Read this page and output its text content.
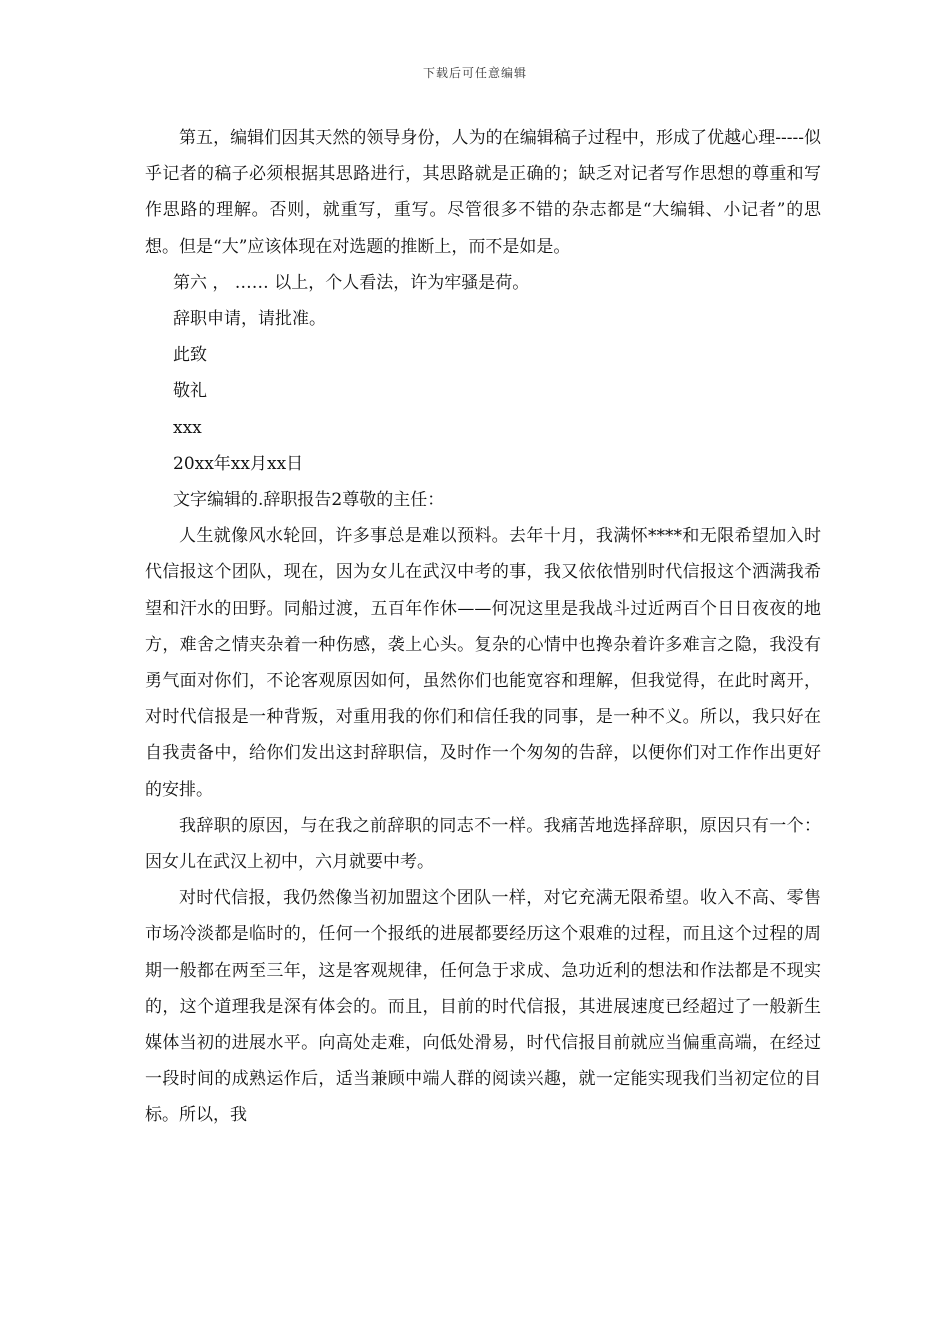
下载后可任意编辑

第五，编辑们因其天然的领导身份，人为的在编辑稿子过程中，形成了优越心理-----似乎记者的稿子必须根据其思路进行，其思路就是正确的；缺乏对记者写作思想的尊重和写作思路的理解。否则，就重写，重写。尽管很多不错的杂志都是“大编辑、小记者”的思想。但是“大”应该体现在对选题的推断上，而不是如是。

第六 ， …… 以上，个人看法，许为牢骚是荷。

辞职申请，请批准。

此致

敬礼

xxx

20xx年xx月xx日

文字编辑的.辞职报告2尊敬的主任：

人生就像风水轮回，许多事总是难以预料。去年十月，我满怀****和无限希望加入时代信报这个团队，现在，因为女儿在武汉中考的事，我又依依惜别时代信报这个洒满我希望和汗水的田野。同船过渡，五百年作休——何况这里是我战斗过近两百个日日夜夜的地方，难舍之情夹杂着一种伤感，袭上心头。复杂的心情中也搀杂着许多难言之隐，我没有勇气面对你们，不论客观原因如何，虽然你们也能宽容和理解，但我觉得，在此时离开，对时代信报是一种背叛，对重用我的你们和信任我的同事，是一种不义。所以，我只好在自我责备中，给你们发出这封辞职信，及时作一个匆匆的告辞，以便你们对工作作出更好的安排。

我辞职的原因，与在我之前辞职的同志不一样。我痛苦地选择辞职，原因只有一个：因女儿在武汉上初中，六月就要中考。

对时代信报，我仍然像当初加盟这个团队一样，对它充满无限希望。收入不高、零售市场冷淡都是临时的，任何一个报纸的进展都要经历这个艰难的过程，而且这个过程的周期一般都在两至三年，这是客观规律，任何急于求成、急功近利的想法和作法都是不现实的，这个道理我是深有体会的。而且，目前的时代信报，其进展速度已经超过了一般新生媒体当初的进展水平。向高处走难，向低处滑易，时代信报目前就应当偏重高端，在经过一段时间的成熟运作后，适当兼顾中端人群的阅读兴趣，就一定能实现我们当初定位的目标。所以，我
